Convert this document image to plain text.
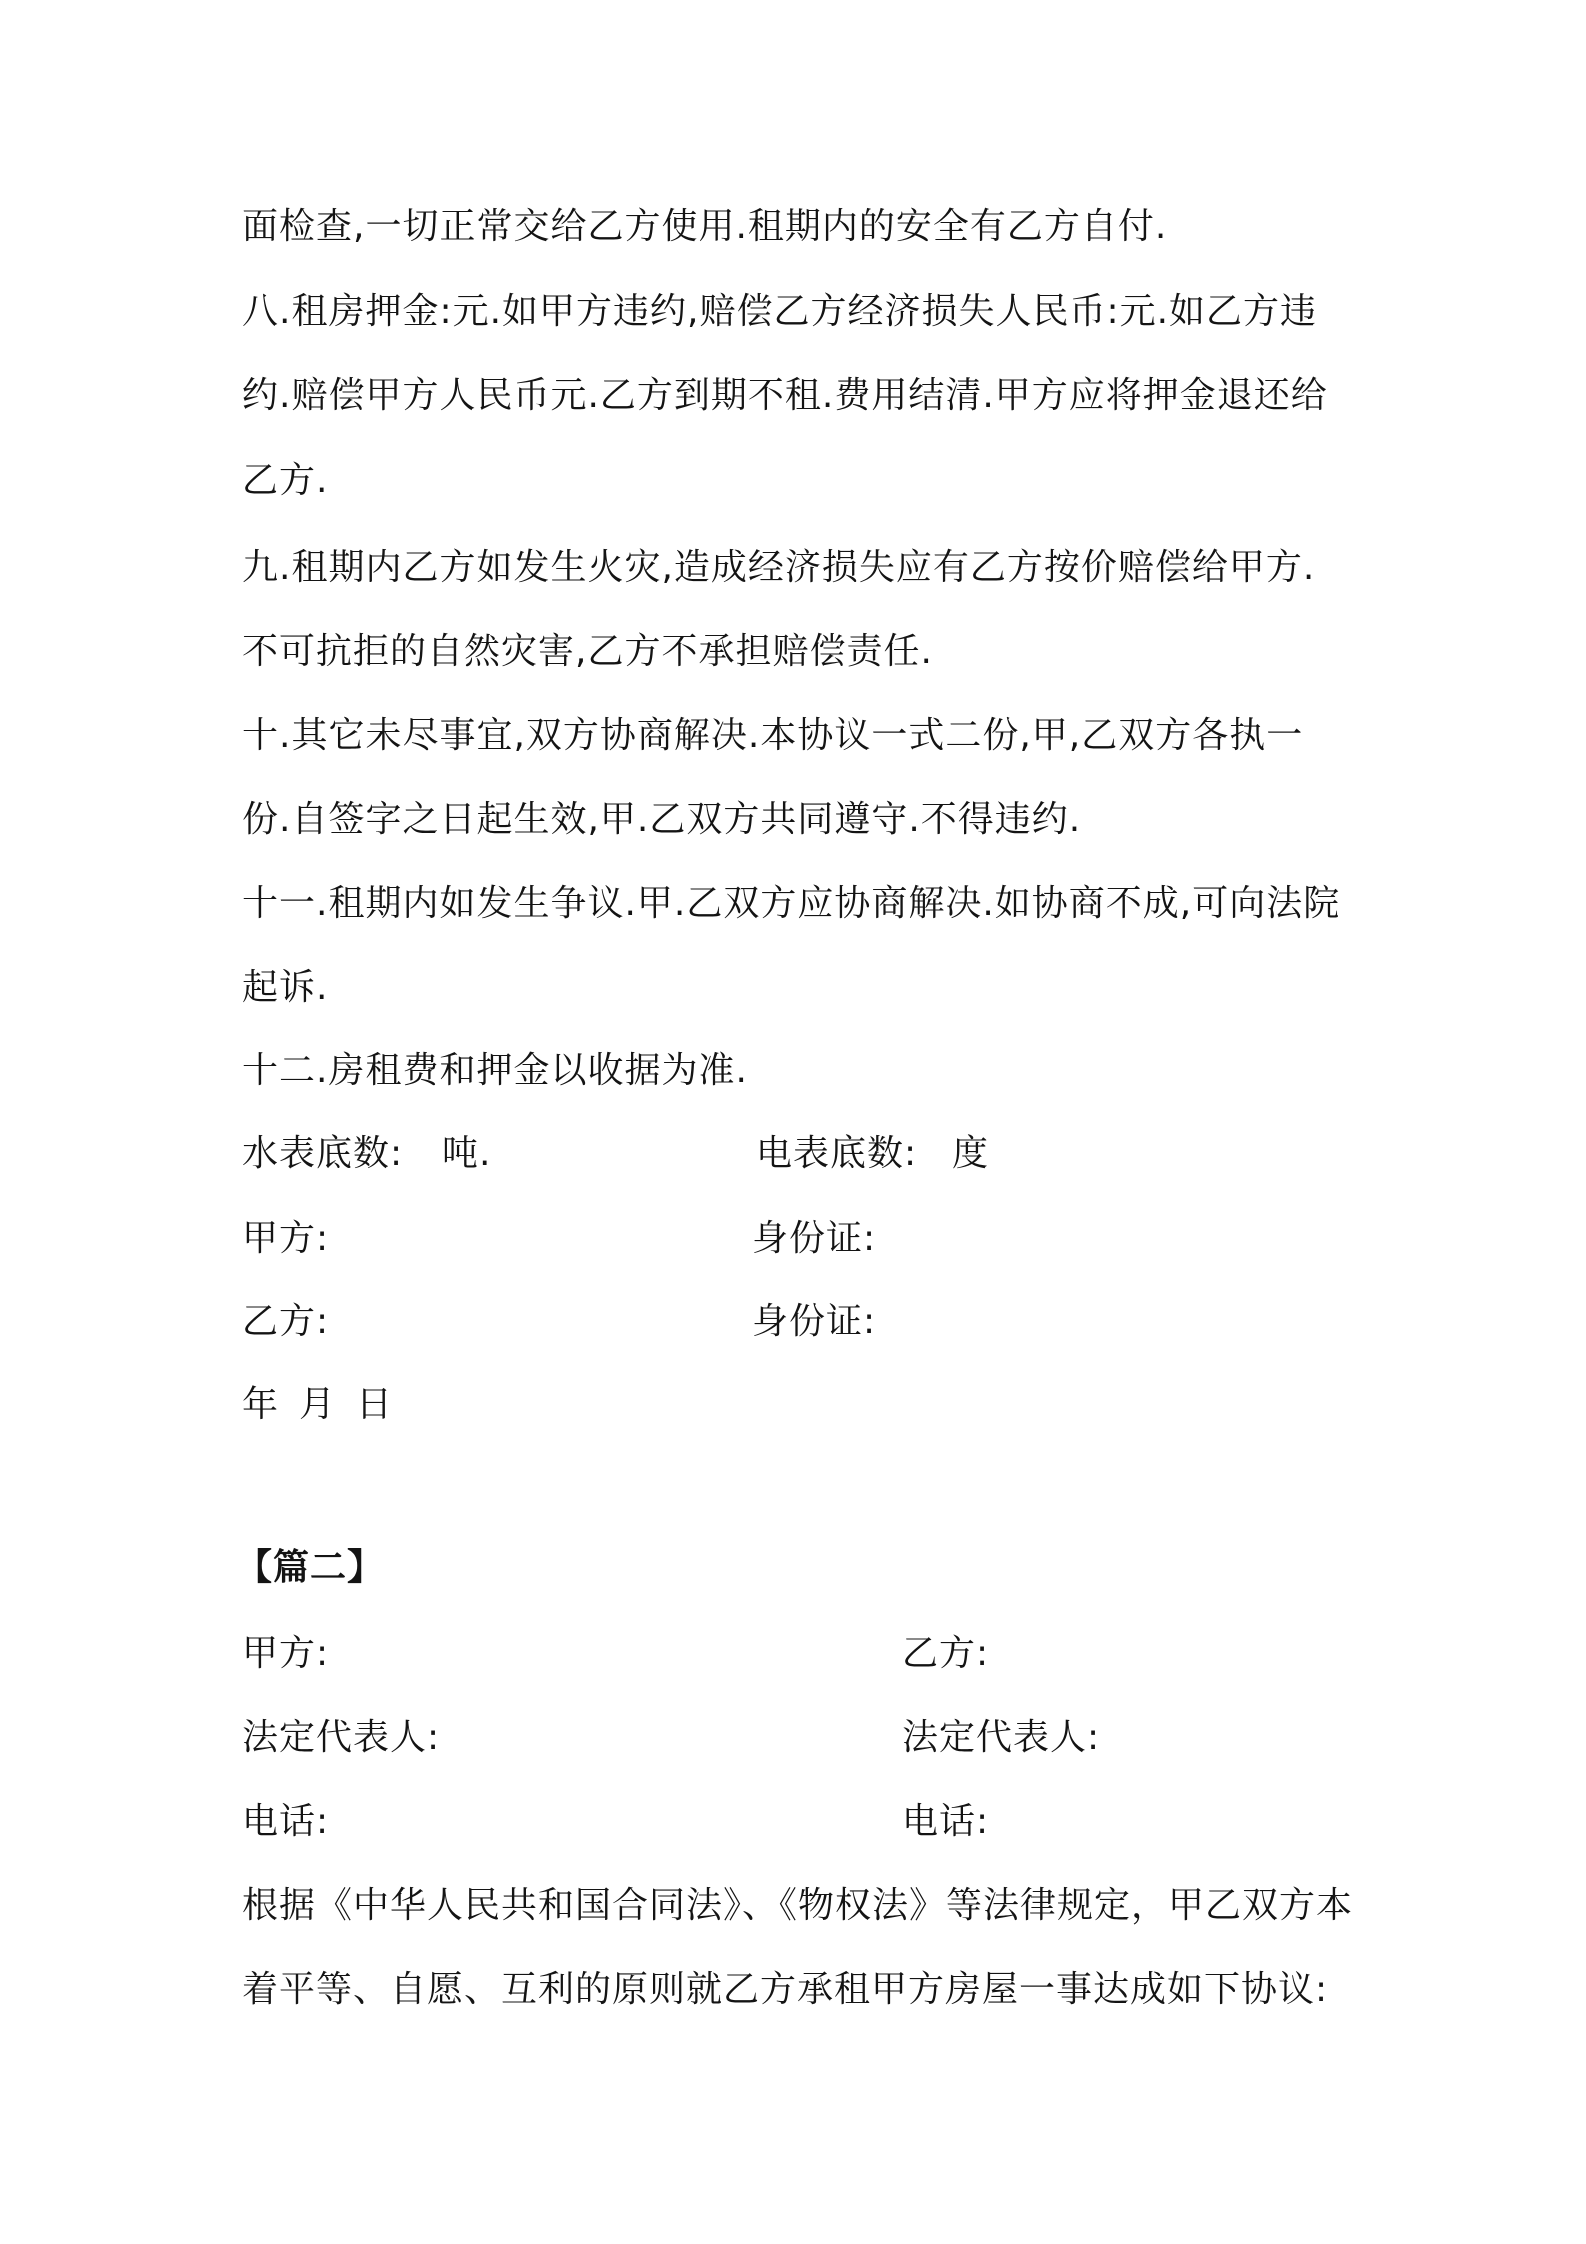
面检查,一切正常交给乙方使用.租期内的安全有乙方自付.
八.租房押金:元.如甲方违约,赔偿乙方经济损失人民币:元.如乙方违
约.赔偿甲方人民币元.乙方到期不租.费用结清.甲方应将押金退还给
乙方.
九.租期内乙方如发生火灾,造成经济损失应有乙方按价赔偿给甲方.
不可抗拒的自然灾害,乙方不承担赔偿责任.
十.其它未尽事宜,双方协商解决.本协议一式二份,甲,乙双方各执一
份.自签字之日起生效,甲.乙双方共同遵守.不得违约.
十一.租期内如发生争议.甲.乙双方应协商解决.如协商不成,可向法院
起诉.
十二.房租费和押金以收据为准.
水表底数: 吨.	电表底数: 度
甲方:	身份证:
乙方:	身份证:
年 月 日
【篇二】
甲方:	乙方:
法定代表人:	法定代表人:
电话:	电话:
根据《中华人民共和国合同法》、《物权法》等法律规定，甲乙双方本
着平等、自愿、互利的原则就乙方承租甲方房屋一事达成如下协议:
